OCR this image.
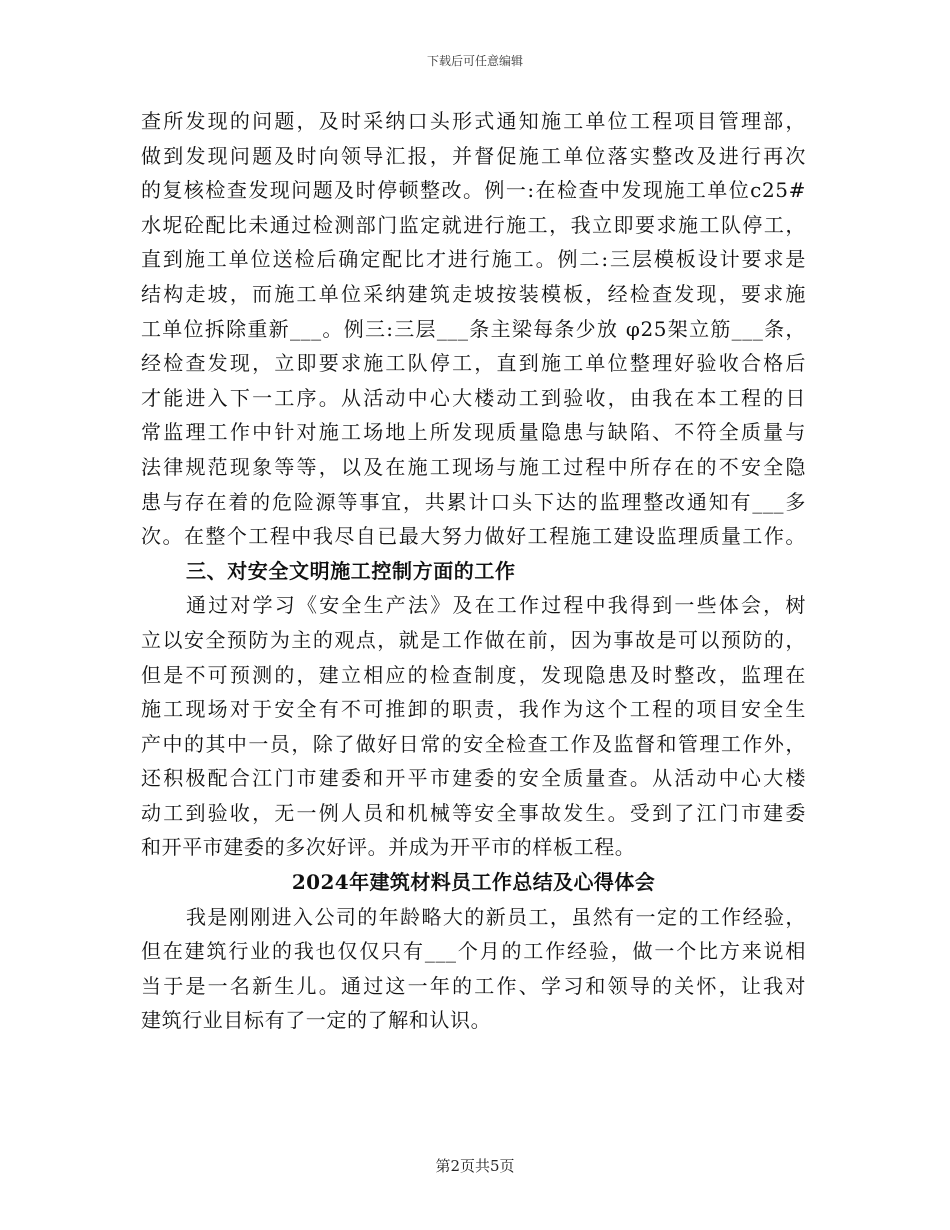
下载后可任意编辑
查所发现的问题，及时采纳口头形式通知施工单位工程项目管理部，
做到发现问题及时向领导汇报，并督促施工单位落实整改及进行再次
的复核检查发现问题及时停顿整改。例一:在检查中发现施工单位c25#
水坭砼配比未通过检测部门监定就进行施工，我立即要求施工队停工，
直到施工单位送检后确定配比才进行施工。例二:三层模板设计要求是
结构走坡，而施工单位采纳建筑走坡按装模板，经检查发现，要求施
工单位拆除重新___。例三:三层___条主梁每条少放 φ25架立筋___条，
经检查发现，立即要求施工队停工，直到施工单位整理好验收合格后
才能进入下一工序。从活动中心大楼动工到验收，由我在本工程的日
常监理工作中针对施工场地上所发现质量隐患与缺陷、不符全质量与
法律规范现象等等，以及在施工现场与施工过程中所存在的不安全隐
患与存在着的危险源等事宜，共累计口头下达的监理整改通知有___多
次。在整个工程中我尽自已最大努力做好工程施工建设监理质量工作。
三、对安全文明施工控制方面的工作
通过对学习《安全生产法》及在工作过程中我得到一些体会，树
立以安全预防为主的观点，就是工作做在前，因为事故是可以预防的，
但是不可预测的，建立相应的检查制度，发现隐患及时整改，监理在
施工现场对于安全有不可推卸的职责，我作为这个工程的项目安全生
产中的其中一员，除了做好日常的安全检查工作及监督和管理工作外，
还积极配合江门市建委和开平市建委的安全质量查。从活动中心大楼
动工到验收，无一例人员和机械等安全事故发生。受到了江门市建委
和开平市建委的多次好评。并成为开平市的样板工程。
2024年建筑材料员工作总结及心得体会
我是刚刚进入公司的年龄略大的新员工，虽然有一定的工作经验，
但在建筑行业的我也仅仅只有___个月的工作经验，做一个比方来说相
当于是一名新生儿。通过这一年的工作、学习和领导的关怀，让我对
建筑行业目标有了一定的了解和认识。
第2页共5页
